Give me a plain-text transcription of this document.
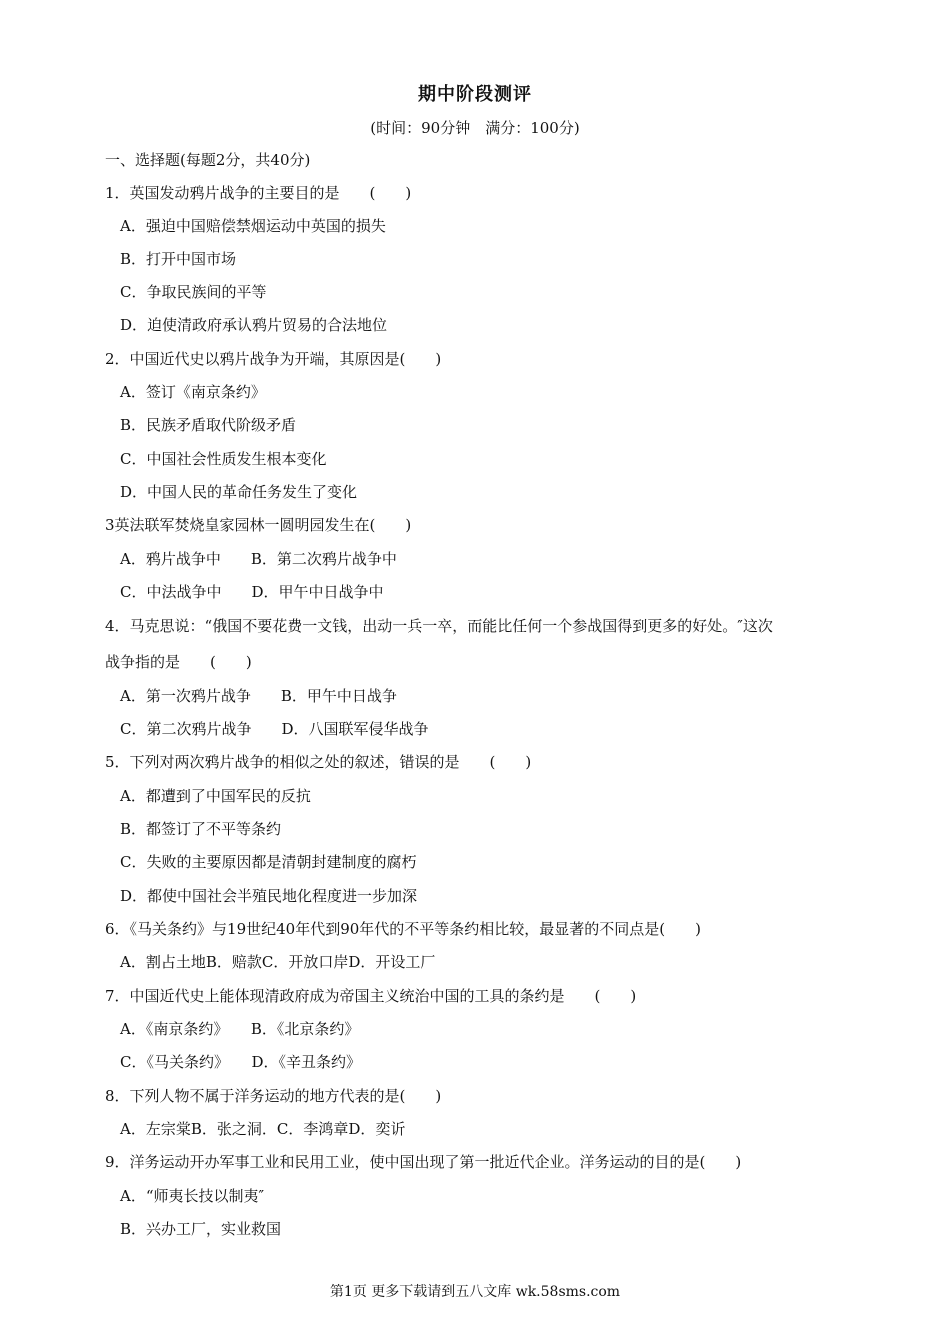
期中阶段测评
(时间：90分钟　满分：100分)
一、选择题(每题2分，共40分)
1．英国发动鸦片战争的主要目的是　　(　　)
A．强迫中国赔偿禁烟运动中英国的损失
B．打开中国市场
C．争取民族间的平等
D．迫使清政府承认鸦片贸易的合法地位
2．中国近代史以鸦片战争为开端，其原因是(　　)
A．签订《南京条约》
B．民族矛盾取代阶级矛盾
C．中国社会性质发生根本变化
D．中国人民的革命任务发生了变化
3英法联军焚烧皇家园林一圆明园发生在(　　)
A．鸦片战争中　　B．第二次鸦片战争中
C．中法战争中　　D．甲午中日战争中
4．马克思说：“俄国不要花费一文钱，出动一兵一卒，而能比任何一个参战国得到更多的好处。″这次
战争指的是　　(　　)
A．第一次鸦片战争　　B．甲午中日战争
C．第二次鸦片战争　　D．八国联军侵华战争
5．下列对两次鸦片战争的相似之处的叙述，错误的是　　(　　)
A．都遭到了中国军民的反抗
B．都签订了不平等条约
C．失败的主要原因都是清朝封建制度的腐朽
D．都使中国社会半殖民地化程度进一步加深
6．《马关条约》与19世纪40年代到90年代的不平等条约相比较，最显著的不同点是(　　)
A．割占土地B．赔款C．开放口岸D．开设工厂
7．中国近代史上能体现清政府成为帝国主义统治中国的工具的条约是　　(　　)
A．《南京条约》　　B．《北京条约》
C．《马关条约》　　D．《辛丑条约》
8．下列人物不属于洋务运动的地方代表的是(　　)
A．左宗棠B．张之洞．C．李鸿章D．奕䜣
9．洋务运动开办军事工业和民用工业，使中国出现了第一批近代企业。洋务运动的目的是(　　)
A．“师夷长技以制夷″
B．兴办工厂，实业救国
第1页 更多下载请到五八文库 wk.58sms.com
